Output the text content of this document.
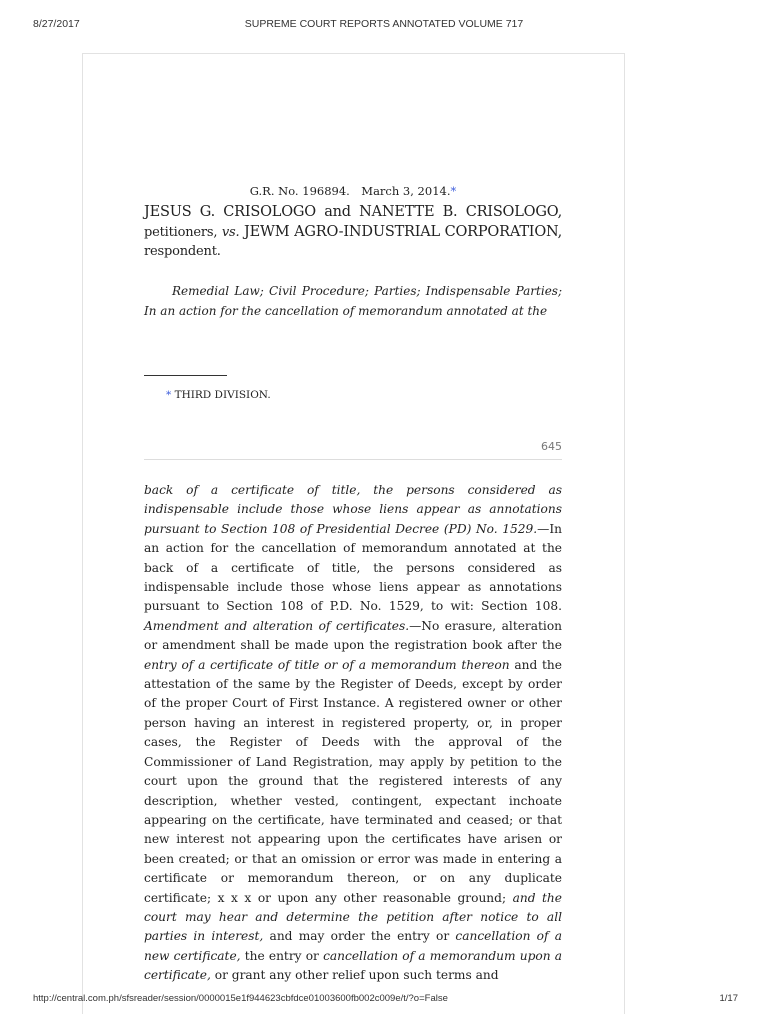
8/27/2017	SUPREME COURT REPORTS ANNOTATED VOLUME 717
G.R. No. 196894. March 3, 2014.*
JESUS G. CRISOLOGO and NANETTE B. CRISOLOGO, petitioners, vs. JEWM AGRO-INDUSTRIAL CORPORATION, respondent.
Remedial Law; Civil Procedure; Parties; Indispensable Parties; In an action for the cancellation of memorandum annotated at the
* THIRD DIVISION.
645
back of a certificate of title, the persons considered as indispensable include those whose liens appear as annotations pursuant to Section 108 of Presidential Decree (PD) No. 1529.—In an action for the cancellation of memorandum annotated at the back of a certificate of title, the persons considered as indispensable include those whose liens appear as annotations pursuant to Section 108 of P.D. No. 1529, to wit: Section 108. Amendment and alteration of certificates.—No erasure, alteration or amendment shall be made upon the registration book after the entry of a certificate of title or of a memorandum thereon and the attestation of the same by the Register of Deeds, except by order of the proper Court of First Instance. A registered owner or other person having an interest in registered property, or, in proper cases, the Register of Deeds with the approval of the Commissioner of Land Registration, may apply by petition to the court upon the ground that the registered interests of any description, whether vested, contingent, expectant inchoate appearing on the certificate, have terminated and ceased; or that new interest not appearing upon the certificates have arisen or been created; or that an omission or error was made in entering a certificate or memorandum thereon, or on any duplicate certificate; x x x or upon any other reasonable ground; and the court may hear and determine the petition after notice to all parties in interest, and may order the entry or cancellation of a new certificate, the entry or cancellation of a memorandum upon a certificate, or grant any other relief upon such terms and
http://central.com.ph/sfsreader/session/0000015e1f944623cbfdce01003600fb002c009e/t/?o=False	1/17
